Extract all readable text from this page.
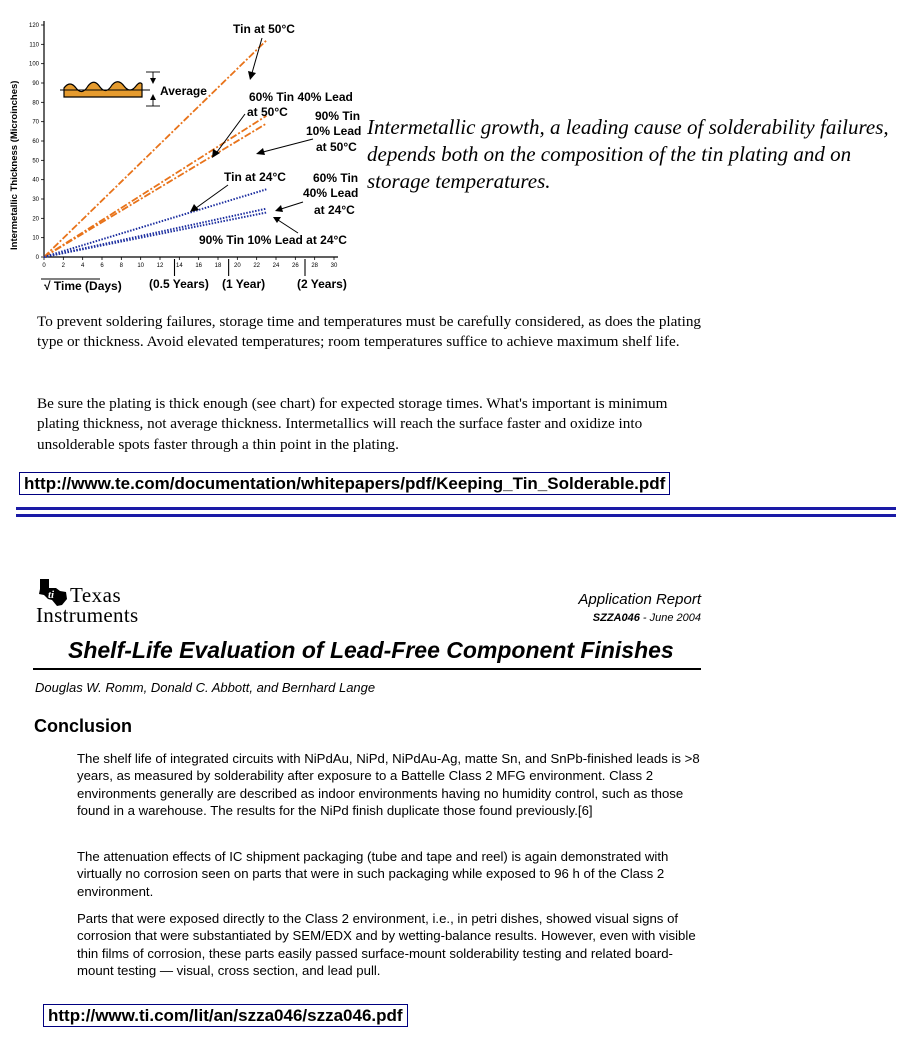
Intermetallic Thickness (Microinches)
0
10
20
30
40
50
60
70
80
90
100
110
120
0	2	4	6	8 10 12 14 16 18 20 22 24 26 28 30
Average
Tin at 50°C
60% Tin 40% Lead
at 50°C 90% Tin
10% Lead
at 50°C
Tin at 24°C 60% Tin
40% Lead
at 24°C
90% Tin 10% Lead at 24°C
√ Time (Days) (0.5 Years) (1 Year)	(2 Years)
Intermetallic growth, a leading cause of solderability failures, depends both on the composition of the tin plating and on storage temperatures.
To prevent soldering failures, storage time and temperatures must be carefully considered, as does the plating type or thickness. Avoid elevated temperatures; room temperatures suffice to achieve maximum shelf life.
Be sure the plating is thick enough (see chart) for expected storage times. What's important is minimum plating thickness, not average thickness. Intermetallics will reach the surface faster and oxidize into unsolderable spots faster through a thin point in the plating.
http://www.te.com/documentation/whitepapers/pdf/Keeping_Tin_Solderable.pdf
ti Texas
Instruments
Application Report
SZZA046 - June 2004
Shelf-Life Evaluation of Lead-Free Component Finishes
Douglas W. Romm, Donald C. Abbott, and Bernhard Lange
Conclusion
The shelf life of integrated circuits with NiPdAu, NiPd, NiPdAu-Ag, matte Sn, and SnPb-finished leads is >8 years, as measured by solderability after exposure to a Battelle Class 2 MFG environment. Class 2 environments generally are described as indoor environments having no humidity control, such as those found in a warehouse. The results for the NiPd finish duplicate those found previously.[6]
The attenuation effects of IC shipment packaging (tube and tape and reel) is again demonstrated with virtually no corrosion seen on parts that were in such packaging while exposed to 96 h of the Class 2 environment.
Parts that were exposed directly to the Class 2 environment, i.e., in petri dishes, showed visual signs of corrosion that were substantiated by SEM/EDX and by wetting-balance results. However, even with visible thin films of corrosion, these parts easily passed surface-mount solderability testing and related board-mount testing — visual, cross section, and lead pull.
http://www.ti.com/lit/an/szza046/szza046.pdf
